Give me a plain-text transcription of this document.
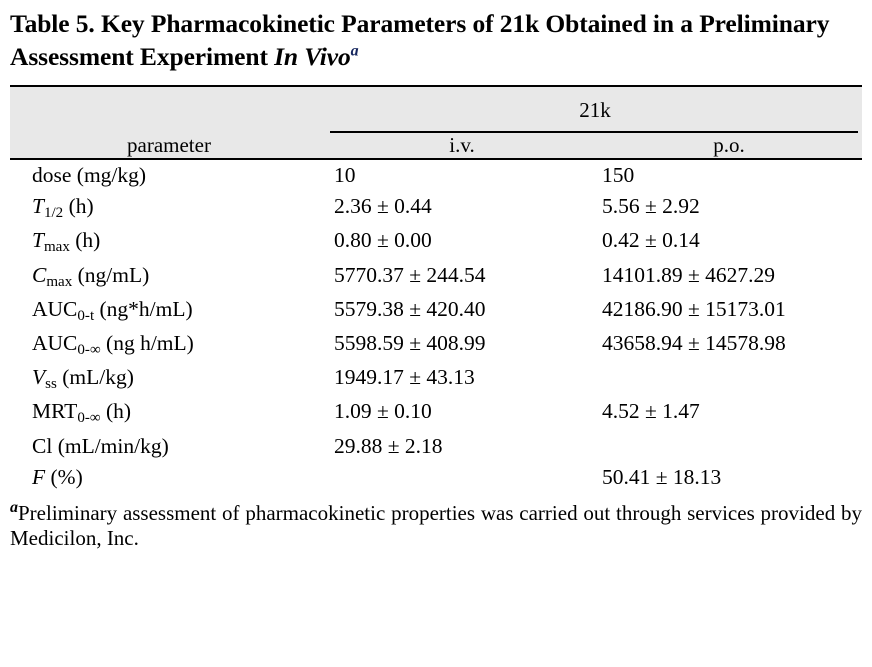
Table 5. Key Pharmacokinetic Parameters of 21k Obtained in a Preliminary Assessment Experiment In Vivo$^a$

	21k	

parameter	i.v.	p.o.
dose (mg/kg)	10	150
$T_{1/2}$ (h)	2.36 ± 0.44	5.56 ± 2.92
$T_{max}$ (h)	0.80 ± 0.00	0.42 ± 0.14
$C_{max}$ (ng/mL)	5770.37 ± 244.54	14101.89 ± 4627.29
$AUC_{0-t}$ (ng*h/mL)	5579.38 ± 420.40	42186.90 ± 15173.01
$AUC_{0-\infty}$ (ng h/mL)	5598.59 ± 408.99	43658.94 ± 14578.98
$V_{ss}$ (mL/kg)	1949.17 ± 43.13	
$MRT_{0-\infty}$ (h)	1.09 ± 0.10	4.52 ± 1.47
Cl (mL/min/kg)	29.88 ± 2.18	
F (%)		50.41 ± 18.13
$^a$Preliminary assessment of pharmacokinetic properties was carried out through services provided by Medicilon, Inc.
